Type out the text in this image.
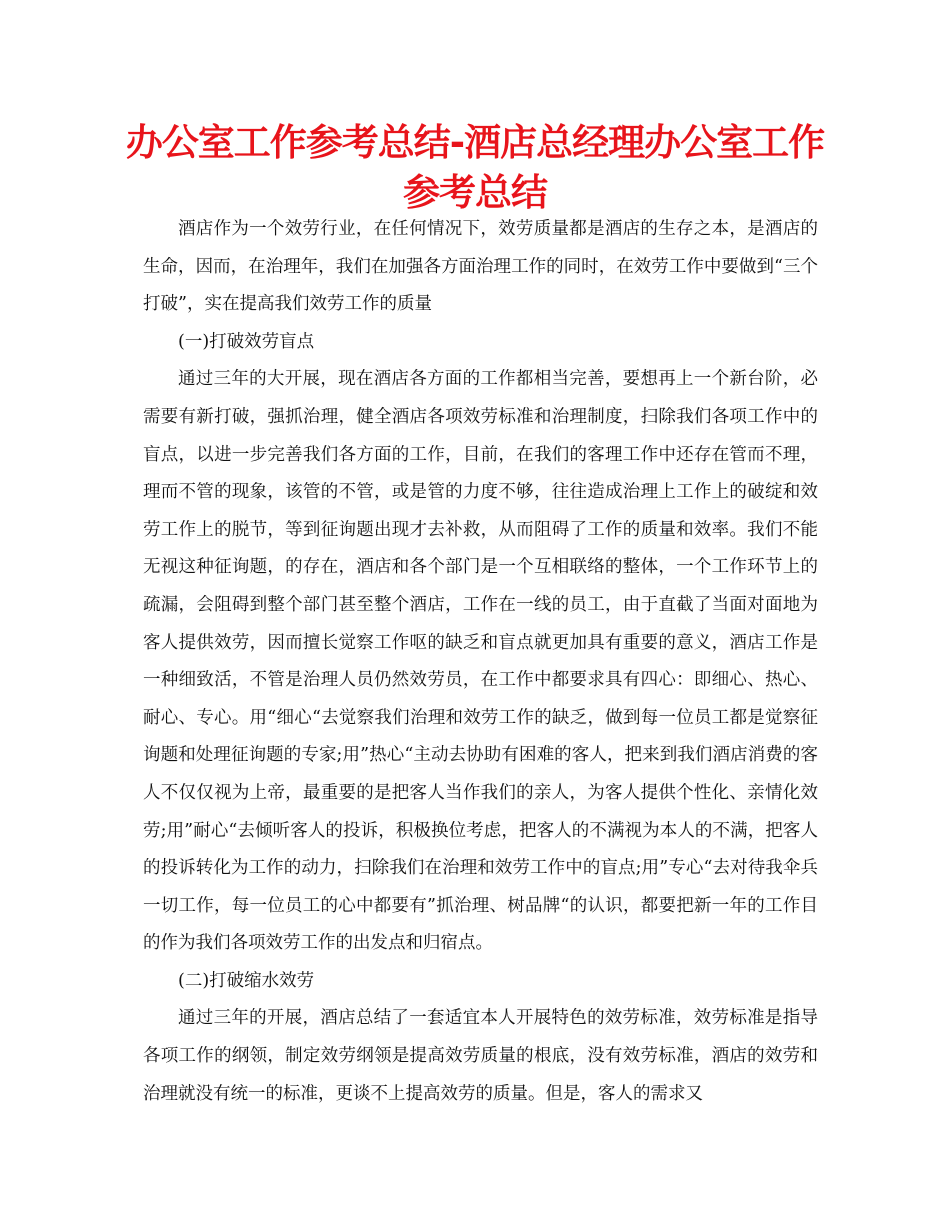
办公室工作参考总结-酒店总经理办公室工作参考总结

酒店作为一个效劳行业，在任何情况下，效劳质量都是酒店的生存之本，是酒店的生命，因而，在治理年，我们在加强各方面治理工作的同时，在效劳工作中要做到“三个打破”，实在提高我们效劳工作的质量

(一)打破效劳盲点

通过三年的大开展，现在酒店各方面的工作都相当完善，要想再上一个新台阶，必需要有新打破，强抓治理，健全酒店各项效劳标准和治理制度，扫除我们各项工作中的盲点，以进一步完善我们各方面的工作，目前，在我们的客理工作中还存在管而不理，理而不管的现象，该管的不管，或是管的力度不够，往往造成治理上工作上的破绽和效劳工作上的脱节，等到征询题出现才去补救，从而阻碍了工作的质量和效率。我们不能无视这种征询题，的存在，酒店和各个部门是一个互相联络的整体，一个工作环节上的疏漏，会阻碍到整个部门甚至整个酒店，工作在一线的员工，由于直截了当面对面地为客人提供效劳，因而擅长觉察工作呕的缺乏和盲点就更加具有重要的意义，酒店工作是一种细致活，不管是治理人员仍然效劳员，在工作中都要求具有四心：即细心、热心、耐心、专心。用“细心“去觉察我们治理和效劳工作的缺乏，做到每一位员工都是觉察征询题和处理征询题的专家;用”热心“主动去协助有困难的客人，把来到我们酒店消费的客人不仅仅视为上帝，最重要的是把客人当作我们的亲人，为客人提供个性化、亲情化效劳;用”耐心“去倾听客人的投诉，积极换位考虑，把客人的不满视为本人的不满，把客人的投诉转化为工作的动力，扫除我们在治理和效劳工作中的盲点;用”专心“去对待我伞兵一切工作，每一位员工的心中都要有”抓治理、树品牌“的认识，都要把新一年的工作目的作为我们各项效劳工作的出发点和归宿点。

(二)打破缩水效劳

通过三年的开展，酒店总结了一套适宜本人开展特色的效劳标准，效劳标准是指导各项工作的纲领，制定效劳纲领是提高效劳质量的根底，没有效劳标准，酒店的效劳和治理就没有统一的标准，更谈不上提高效劳的质量。但是，客人的需求又
